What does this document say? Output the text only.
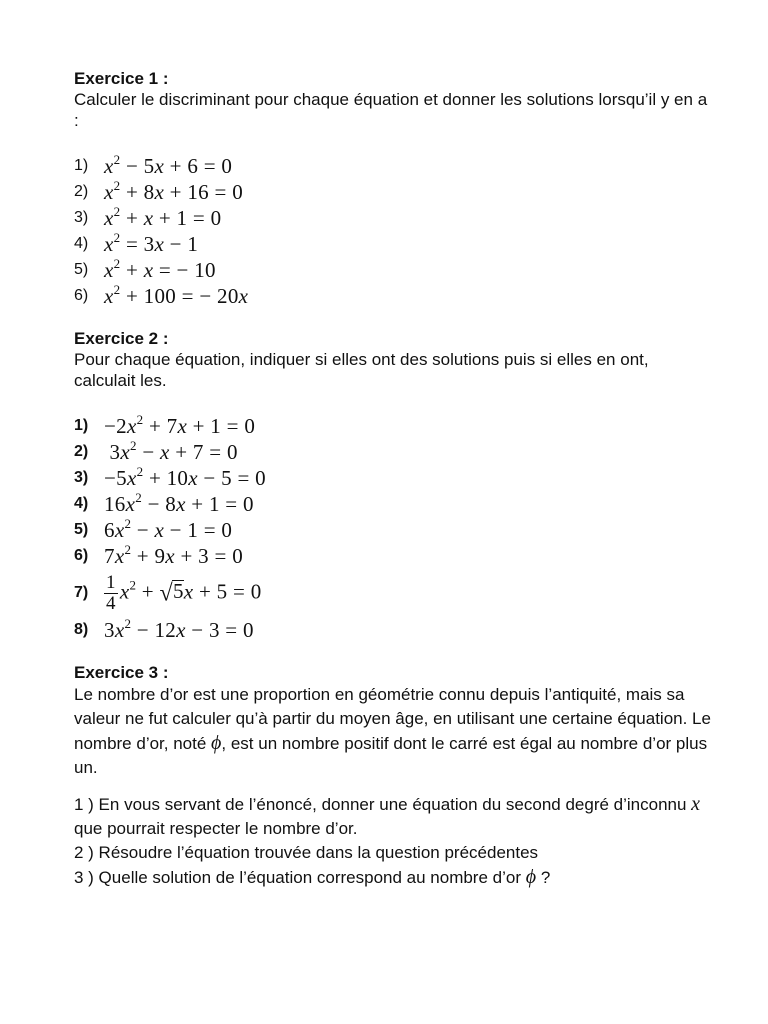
Exercice 1 :

Calculer le discriminant pour chaque équation et donner les solutions lorsqu’il y en a :

1) $x^2 - 5x + 6 = 0$
2) $x^2 + 8x + 16 = 0$
3) $x^2 + x + 1 = 0$
4) $x^2 = 3x - 1$
5) $x^2 + x$ = − 10
6) $x^2 + 100$ = − 20x

Exercice 2 :

Pour chaque équation, indiquer si elles ont des solutions puis si elles en ont, calculait les.

$1) -2x^2 + 7x + 1 = 0$
2) $3x^2 - x + 7 = 0$
$3) -5x^2 + 10x - 5 = 0$
4) $16x^2 - 8x + 1 = 0$
5) $6x^2 - x - 1 = 0$
6) $7x^2 + 9x + 3 = 0$
$7) \frac{1}{4} x^2 + √5x + 5 = 0$
8) $3x^2 - 12x - 3 = 0$

Exercice 3 :

Le nombre d’or est une proportion en géométrie connu depuis l’antiquité, mais sa valeur ne fut calculer qu’à partir du moyen âge, en utilisant une certaine équation. Le nombre d’or, noté ϕ, est un nombre positif dont le carré est égal au nombre d’or plus un.

1 ) En vous servant de l’énoncé, donner une équation du second degré d’inconnu x que pourrait respecter le nombre d’or.

2 ) Résoudre l’équation trouvée dans la question précédentes

3 ) Quelle solution de l’équation correspond au nombre d’or ϕ ?
